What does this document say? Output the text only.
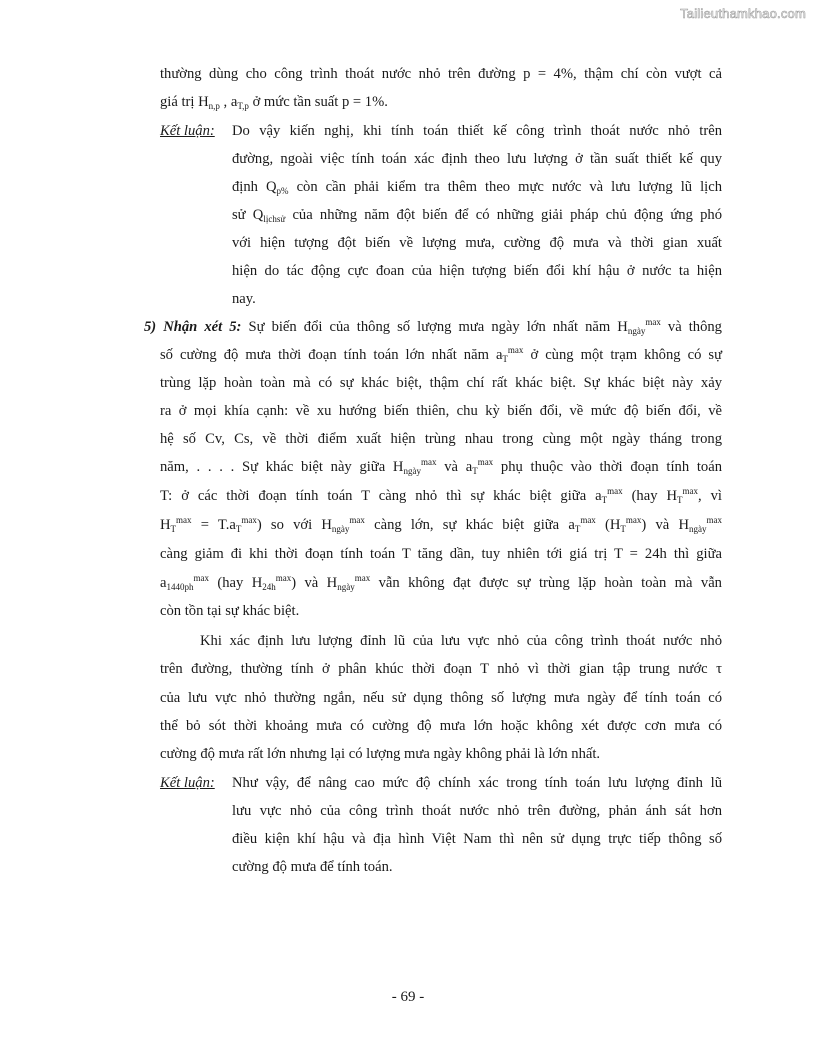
Tailieuthamkhao.com
thường dùng cho công trình thoát nước nhỏ trên đường p = 4%, thậm chí còn vượt cả
giá trị $H_{n,p}$ , $a_{T,p}$ ở mức tần suất p = 1%.
Kết luận: Do vậy kiến nghị, khi tính toán thiết kế công trình thoát nước nhỏ trên
đường, ngoài việc tính toán xác định theo lưu lượng ở tần suất thiết kế quy
định $Q_{p\%}$ còn cần phải kiểm tra thêm theo mực nước và lưu lượng lũ lịch
sử $Q_{lịchsử}$ của những năm đột biến để có những giải pháp chủ động ứng phó
với hiện tượng đột biến về lượng mưa, cường độ mưa và thời gian xuất
hiện do tác động cực đoan của hiện tượng biến đổi khí hậu ở nước ta hiện
nay.
5) Nhận xét 5: Sự biến đổi của thông số lượng mưa ngày lớn nhất năm $H_{ngày}^{max}$ và thông
số cường độ mưa thời đoạn tính toán lớn nhất năm $a_T^{max}$ ở cùng một trạm không có sự
trùng lặp hoàn toàn mà có sự khác biệt, thậm chí rất khác biệt. Sự khác biệt này xảy
ra ở mọi khía cạnh: về xu hướng biến thiên, chu kỳ biến đổi, về mức độ biến đổi, về
hệ số Cv, Cs, về thời điểm xuất hiện trùng nhau trong cùng một ngày tháng trong
năm, . . . . Sự khác biệt này giữa $H_{ngày}^{max}$ và $a_T^{max}$ phụ thuộc vào thời đoạn tính toán
T: ở các thời đoạn tính toán T càng nhỏ thì sự khác biệt giữa $a_T^{max}$ (hay $H_T^{max}$, vì
$H_T^{max} = T.a_T^{max}$) so với $H_{ngày}^{max}$ càng lớn, sự khác biệt giữa $a_T^{max}$ $(H_T^{max})$ và $H_{ngày}^{max}$
càng giảm đi khi thời đoạn tính toán T tăng dần, tuy nhiên tới giá trị T = 24h thì giữa
$a_{1440ph}^{max}$ (hay $H_{24h}^{max}$) và $H_{ngày}^{max}$ vẫn không đạt được sự trùng lặp hoàn toàn mà vẫn
còn tồn tại sự khác biệt.
Khi xác định lưu lượng đỉnh lũ của lưu vực nhỏ của công trình thoát nước nhỏ
trên đường, thường tính ở phân khúc thời đoạn T nhỏ vì thời gian tập trung nước τ
của lưu vực nhỏ thường ngắn, nếu sử dụng thông số lượng mưa ngày để tính toán có
thể bỏ sót thời khoảng mưa có cường độ mưa lớn hoặc không xét được cơn mưa có
cường độ mưa rất lớn nhưng lại có lượng mưa ngày không phải là lớn nhất.
Kết luận: Như vậy, để nâng cao mức độ chính xác trong tính toán lưu lượng đỉnh lũ
lưu vực nhỏ của công trình thoát nước nhỏ trên đường, phản ánh sát hơn
điều kiện khí hậu và địa hình Việt Nam thì nên sử dụng trực tiếp thông số
cường độ mưa để tính toán.
- 69 -
